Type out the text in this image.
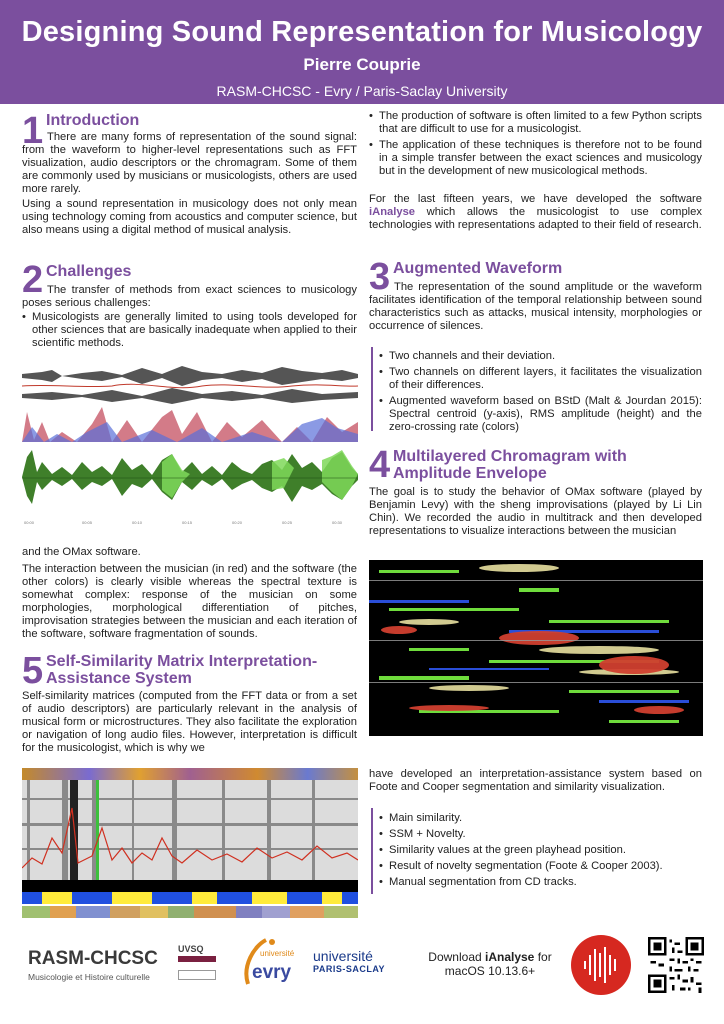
Designing Sound Representation for Musicology
Pierre Couprie
RASM-CHCSC - Evry / Paris-Saclay University
1 Introduction
There are many forms of representation of the sound signal: from the waveform to higher-level representations such as FFT visualization, audio descriptors or the chromagram. Some of them are commonly used by musicians or musicologists, others are used more rarely.
Using a sound representation in musicology does not only mean using technology coming from acoustics and computer science, but also means using a digital method of musical analysis.
2 Challenges
The transfer of methods from exact sciences to musicology poses serious challenges:
• Musicologists are generally limited to using tools developed for other sciences that are basically inadequate when applied to their scientific methods.
00:00	00:05	00:10	00:15	00:20	00:25	00:30
and the OMax software.
The interaction between the musician (in red) and the software (the other colors) is clearly visible whereas the spectral texture is somewhat complex: response of the musician on some morphologies, morphological differentiation of pitches, improvisation strategies between the musician and each iteration of the software, software fragmentation of sounds.
5 Self-Similarity Matrix Interpretation-
Assistance System
Self-similarity matrices (computed from the FFT data or from a set of audio descriptors) are particularly relevant in the analysis of musical form or microstructures. They also facilitate the exploration or navigation of long audio files. However, interpretation is difficult for the musicologist, which is why we
• The production of software is often limited to a few Python scripts that are difficult to use for a musicologist.
• The application of these techniques is therefore not to be found in a simple transfer between the exact sciences and musicology but in the development of new musicological methods.
For the last fifteen years, we have developed the software iAnalyse which allows the musicologist to use complex technologies with representations adapted to their field of research.
3 Augmented Waveform
The representation of the sound amplitude or the waveform facilitates identification of the temporal relationship between sound characteristics such as attacks, musical intensity, morphologies or occurrence of silences.
• Two channels and their deviation.
• Two channels on different layers, it facilitates the visualization of their differences.
• Augmented waveform based on BStD (Malt & Jourdan 2015): Spectral centroid (y-axis), RMS amplitude (height) and the zero-crossing rate (colors)
4 Multilayered Chromagram with
Amplitude Envelope
The goal is to study the behavior of OMax software (played by Benjamin Levy) with the sheng improvisations (played by Li Lin Chin). We recorded the audio in multitrack and then developed representations to visualize interactions between the musician
have developed an interpretation-assistance system based on Foote and Cooper segmentation and similarity visualization.
• Main similarity.
• SSM + Novelty.
• Similarity values at the green playhead position.
• Result of novelty segmentation (Foote & Cooper 2003).
• Manual segmentation from CD tracks.
RASM-CHCSC
Musicologie et Histoire culturelle
UVSQ	université
evry
université
PARIS-SACLAY
Download iAnalyse for
macOS 10.13.6+
